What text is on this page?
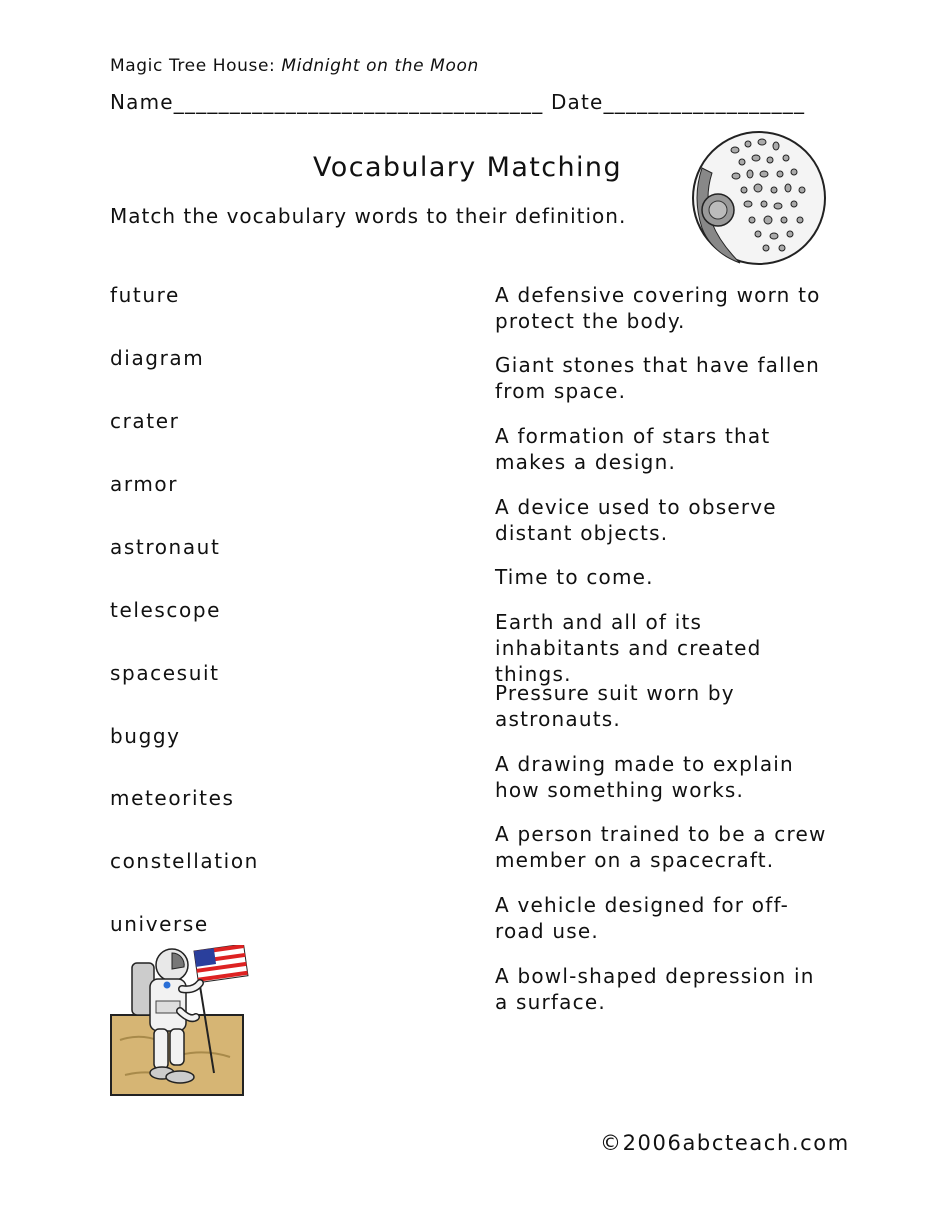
Magic Tree House: Midnight on the Moon
Name_________________________________ Date__________________
Vocabulary Matching
Match the vocabulary words to their definition.
future
diagram
crater
armor
astronaut
telescope
spacesuit
buggy
meteorites
constellation
universe
A defensive covering worn to protect the body.
Giant stones that have fallen from space.
A formation of stars that makes a design.
A device used to observe distant objects.
Time to come.
Earth and all of its inhabitants and created things.
Pressure suit worn by astronauts.
A drawing made to explain how something works.
A person trained to be a crew member on a spacecraft.
A vehicle designed for off-road use.
A bowl-shaped depression in a surface.
©2006abcteach.com
